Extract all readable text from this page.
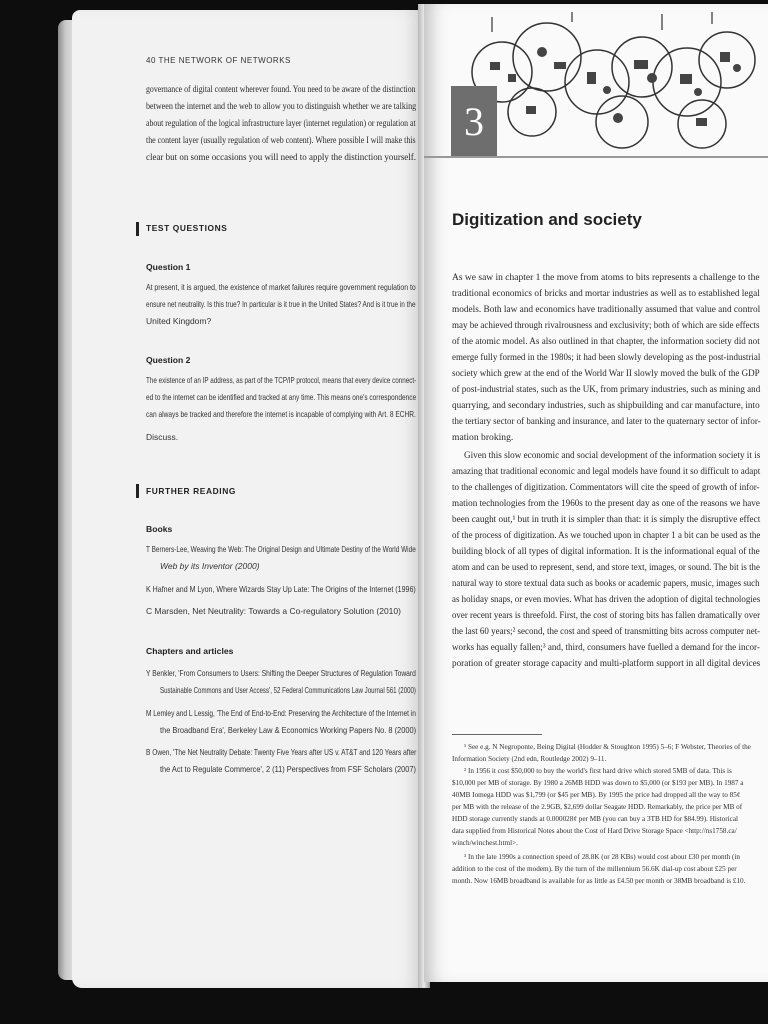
40 THE NETWORK OF NETWORKS
governance of digital content wherever found. You need to be aware of the distinction
between the internet and the web to allow you to distinguish whether we are talking
about regulation of the logical infrastructure layer (internet regulation) or regulation at
the content layer (usually regulation of web content). Where possible I will make this
clear but on some occasions you will need to apply the distinction yourself.
TEST QUESTIONS
Question 1
At present, it is argued, the existence of market failures require government regulation to
ensure net neutrality. Is this true? In particular is it true in the United States? And is it true in the
United Kingdom?
Question 2
The existence of an IP address, as part of the TCP/IP protocol, means that every device connect-
ed to the internet can be identified and tracked at any time. This means one's correspondence
can always be tracked and therefore the internet is incapable of complying with Art. 8 ECHR.
Discuss.
FURTHER READING
Books
T Berners-Lee, Weaving the Web: The Original Design and Ultimate Destiny of the World Wide
Web by its Inventor (2000)
K Hafner and M Lyon, Where Wizards Stay Up Late: The Origins of the Internet (1996)
C Marsden, Net Neutrality: Towards a Co-regulatory Solution (2010)
Chapters and articles
Y Benkler, 'From Consumers to Users: Shifting the Deeper Structures of Regulation Toward
Sustainable Commons and User Access', 52 Federal Communications Law Journal 561 (2000)
M Lemley and L Lessig, 'The End of End-to-End: Preserving the Architecture of the Internet in
the Broadband Era', Berkeley Law & Economics Working Papers No. 8 (2000)
B Owen, 'The Net Neutrality Debate: Twenty Five Years after US v. AT&T and 120 Years after
the Act to Regulate Commerce', 2 (11) Perspectives from FSF Scholars (2007)
3
Digitization and society
As we saw in chapter 1 the move from atoms to bits represents a challenge to the
traditional economics of bricks and mortar industries as well as to established legal
models. Both law and economics have traditionally assumed that value and control
may be achieved through rivalrousness and exclusivity; both of which are side effects
of the atomic model. As also outlined in that chapter, the information society did not
emerge fully formed in the 1980s; it had been slowly developing as the post-industrial
society which grew at the end of the World War II slowly moved the bulk of the GDP
of post-industrial states, such as the UK, from primary industries, such as mining and
quarrying, and secondary industries, such as shipbuilding and car manufacture, into
the tertiary sector of banking and insurance, and later to the quaternary sector of infor-
mation broking.
Given this slow economic and social development of the information society it is
amazing that traditional economic and legal models have found it so difficult to adapt
to the challenges of digitization. Commentators will cite the speed of growth of infor-
mation technologies from the 1960s to the present day as one of the reasons we have
been caught out,¹ but in truth it is simpler than that: it is simply the disruptive effect
of the process of digitization. As we touched upon in chapter 1 a bit can be used as the
building block of all types of digital information. It is the informational equal of the
atom and can be used to represent, send, and store text, images, or sound. The bit is the
natural way to store textual data such as books or academic papers, music, images such
as holiday snaps, or even movies. What has driven the adoption of digital technologies
over recent years is threefold. First, the cost of storing bits has fallen dramatically over
the last 60 years;² second, the cost and speed of transmitting bits across computer net-
works has equally fallen;³ and, third, consumers have fuelled a demand for the incor-
poration of greater storage capacity and multi-platform support in all digital devices
¹ See e.g. N Negroponte, Being Digital (Hodder & Stoughton 1995) 5–6; F Webster, Theories of the
Information Society (2nd edn, Routledge 2002) 9–11.
² In 1956 it cost $50,000 to buy the world's first hard drive which stored 5MB of data. This is
$10,000 per MB of storage. By 1980 a 26MB HDD was down to $5,000 (or $193 per MB). In 1987 a
40MB Iomega HDD was $1,799 (or $45 per MB). By 1995 the price had dropped all the way to 85¢
per MB with the release of the 2.9GB, $2,699 dollar Seagate HDD. Remarkably, the price per MB of
HDD storage currently stands at 0.000028¢ per MB (you can buy a 3TB HD for $84.99). Historical
data supplied from Historical Notes about the Cost of Hard Drive Storage Space <http://ns1758.ca/
winch/winchest.html>.
³ In the late 1990s a connection speed of 28.8K (or 28 KBs) would cost about £30 per month (in
addition to the cost of the modem). By the turn of the millennium 56.6K dial-up cost about £25 per
month. Now 16MB broadband is available for as little as £4.50 per month or 38MB broadband is £10.
